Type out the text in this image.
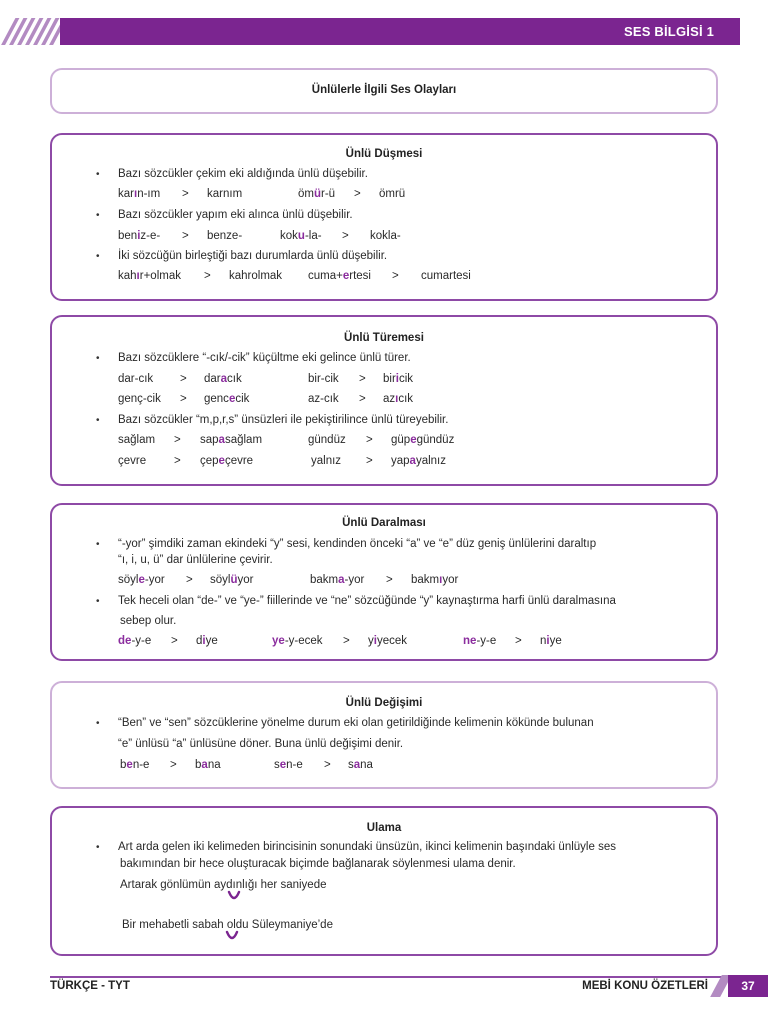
SES BİLGİSİ 1
Ünlülerle İlgili Ses Olayları
Ünlü Düşmesi
• Bazı sözcükler çekim eki aldığında ünlü düşebilir.
karın-ım > karnım	ömür-ü > ömrü
• Bazı sözcükler yapım eki alınca ünlü düşebilir.
beniz-e- > benze-	koku-la- > kokla-
• İki sözcüğün birleştiği bazı durumlarda ünlü düşebilir.
kahır+olmak > kahrolmak cuma+ertesi > cumartesi
Ünlü Türemesi
• Bazı sözcüklere “-cık/-cik” küçültme eki gelince ünlü türer.
dar-cık > daracık	bir-cik > biricik
genç-cik > gencecik	az-cık > azıcık
• Bazı sözcükler “m,p,r,s” ünsüzleri ile pekiştirilince ünlü türeyebilir.
sağlam > sapasağlam	gündüz > güpegündüz
çevre > çepeçevre	yalnız > yapayalnız
Ünlü Daralması
• “-yor” şimdiki zaman ekindeki “y” sesi, kendinden önceki “a” ve “e” düz geniş ünlülerini daraltıp
“ı, i, u, ü” dar ünlülerine çevirir.
söyle-yor > söylüyor	bakma-yor > bakmıyor
• Tek heceli olan “de-” ve “ye-” fiillerinde ve “ne” sözcüğünde “y” kaynaştırma harfi ünlü daralmasına
sebep olur.
de-y-e > diye	ye-y-ecek > yiyecek	ne-y-e > niye
Ünlü Değişimi
• “Ben” ve “sen” sözcüklerine yönelme durum eki olan getirildiğinde kelimenin kökünde bulunan
“e” ünlüsü “a” ünlüsüne döner. Buna ünlü değişimi denir.
ben-e > bana	sen-e > sana
Ulama
• Art arda gelen iki kelimeden birincisinin sonundaki ünsüzün, ikinci kelimenin başındaki ünlüyle ses
bakımından bir hece oluşturacak biçimde bağlanarak söylenmesi ulama denir.
Artarak gönlümün aydınlığı her saniyede
Bir mehabetli sabah oldu Süleymaniye’de
TÜRKÇE - TYT	MEBİ KONU ÖZETLERİ	37
